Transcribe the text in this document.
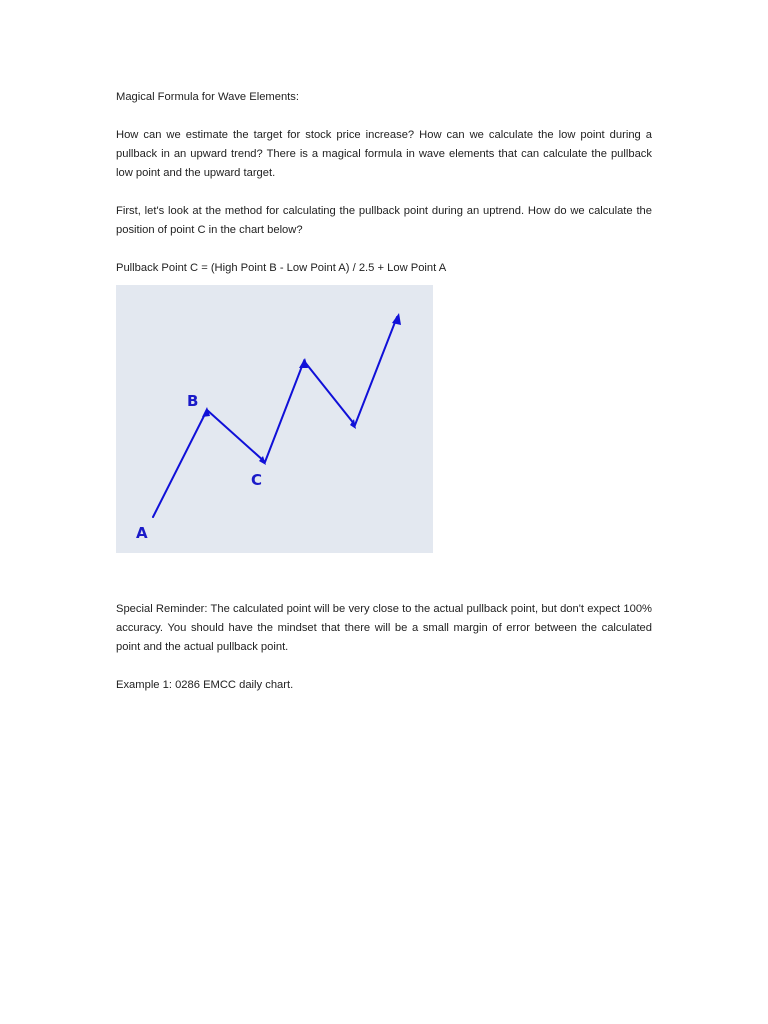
Magical Formula for Wave Elements:

How can we estimate the target for stock price increase? How can we calculate the low point during a pullback in an upward trend? There is a magical formula in wave elements that can calculate the pullback low point and the upward target.

First, let's look at the method for calculating the pullback point during an uptrend. How do we calculate the position of point C in the chart below?

Pullback Point C = (High Point B - Low Point A) / 2.5 + Low Point A

A
B
C

Special Reminder: The calculated point will be very close to the actual pullback point, but don't expect 100% accuracy. You should have the mindset that there will be a small margin of error between the calculated point and the actual pullback point.

Example 1: 0286 EMCC daily chart.
